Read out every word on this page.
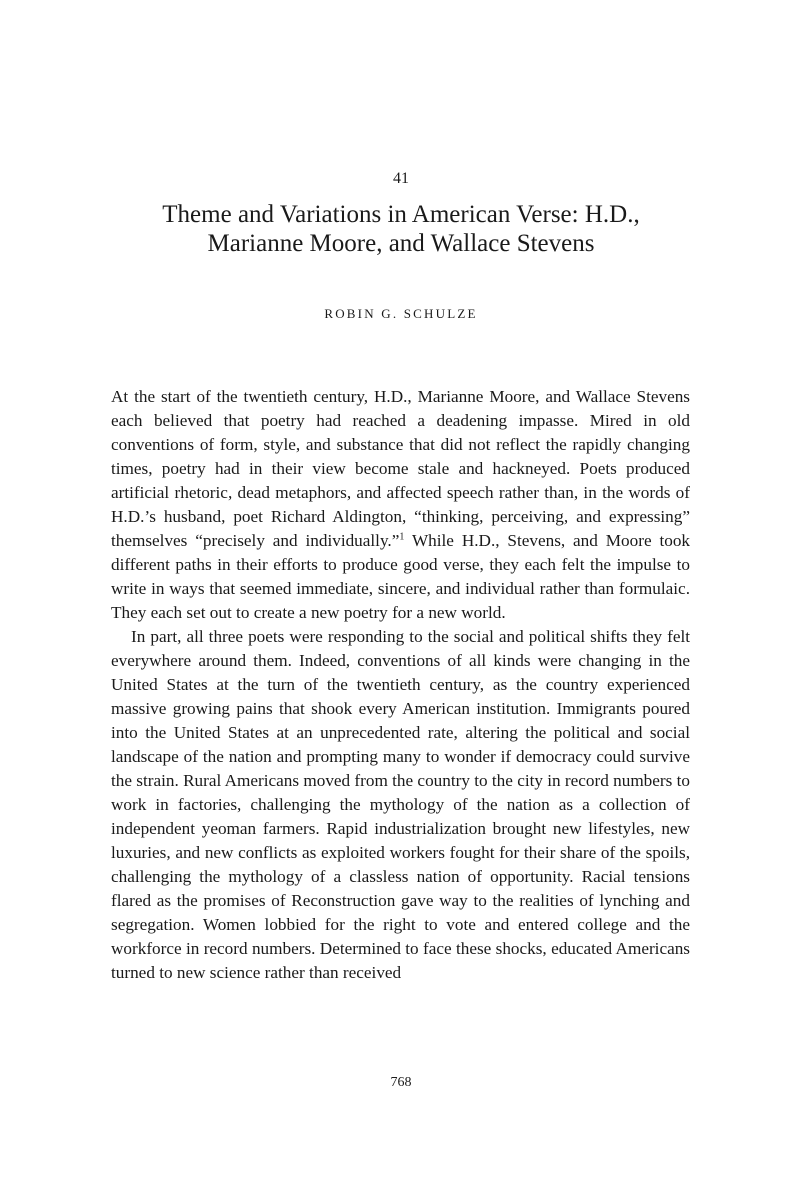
41
Theme and Variations in American Verse: H.D., Marianne Moore, and Wallace Stevens
ROBIN G. SCHULZE

At the start of the twentieth century, H.D., Marianne Moore, and Wallace Stevens each believed that poetry had reached a deadening impasse. Mired in old conventions of form, style, and substance that did not reflect the rapidly changing times, poetry had in their view become stale and hackneyed. Poets produced artificial rhetoric, dead metaphors, and affected speech rather than, in the words of H.D.’s husband, poet Richard Aldington, “thinking, perceiving, and expressing” themselves “precisely and individually.”$^1$ While H.D., Stevens, and Moore took different paths in their efforts to produce good verse, they each felt the impulse to write in ways that seemed immediate, sincere, and individual rather than formulaic. They each set out to create a new poetry for a new world.

In part, all three poets were responding to the social and political shifts they felt everywhere around them. Indeed, conventions of all kinds were changing in the United States at the turn of the twentieth century, as the country experienced massive growing pains that shook every American institution. Immigrants poured into the United States at an unprecedented rate, altering the political and social landscape of the nation and prompting many to wonder if democracy could survive the strain. Rural Americans moved from the country to the city in record numbers to work in factories, challenging the mythology of the nation as a collection of independent yeoman farmers. Rapid industrialization brought new lifestyles, new luxuries, and new conflicts as exploited workers fought for their share of the spoils, challenging the mythology of a classless nation of opportunity. Racial tensions flared as the promises of Reconstruction gave way to the realities of lynching and segregation. Women lobbied for the right to vote and entered college and the workforce in record numbers. Determined to face these shocks, educated Americans turned to new science rather than received

768
